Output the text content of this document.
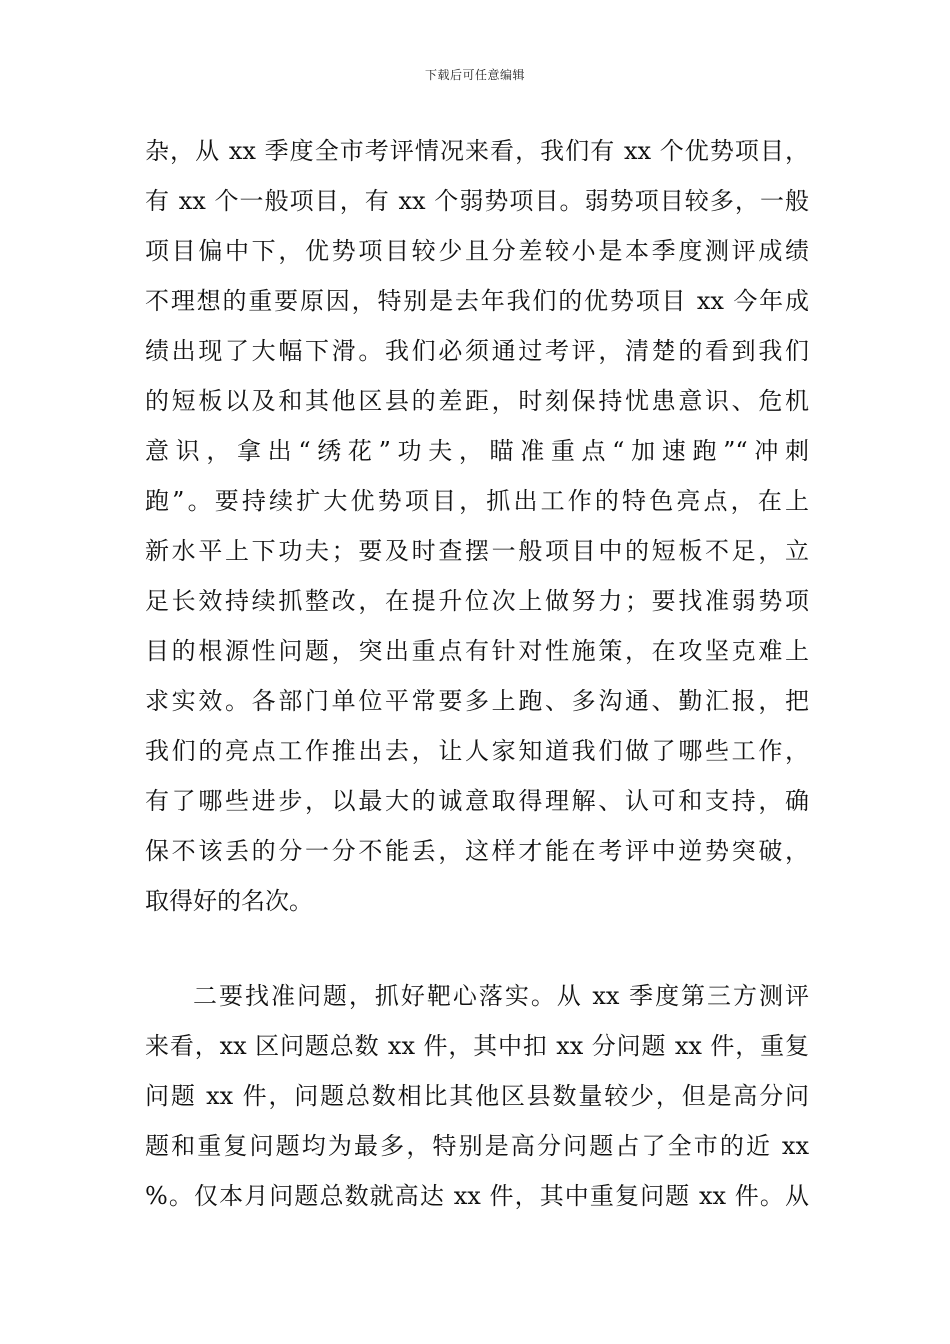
下载后可任意编辑
杂，从 xx 季度全市考评情况来看，我们有 xx 个优势项目，
有 xx 个一般项目，有 xx 个弱势项目。弱势项目较多，一般
项目偏中下，优势项目较少且分差较小是本季度测评成绩
不理想的重要原因，特别是去年我们的优势项目 xx 今年成
绩出现了大幅下滑。我们必须通过考评，清楚的看到我们
的短板以及和其他区县的差距，时刻保持忧患意识、危机
意识，拿出“绣花”功夫，瞄准重点“加速跑”“冲刺
跑”。要持续扩大优势项目，抓出工作的特色亮点，在上
新水平上下功夫；要及时查摆一般项目中的短板不足，立
足长效持续抓整改，在提升位次上做努力；要找准弱势项
目的根源性问题，突出重点有针对性施策，在攻坚克难上
求实效。各部门单位平常要多上跑、多沟通、勤汇报，把
我们的亮点工作推出去，让人家知道我们做了哪些工作，
有了哪些进步，以最大的诚意取得理解、认可和支持，确
保不该丢的分一分不能丢，这样才能在考评中逆势突破，
取得好的名次。
二要找准问题，抓好靶心落实。从 xx 季度第三方测评
来看，xx 区问题总数 xx 件，其中扣 xx 分问题 xx 件，重复
问题 xx 件，问题总数相比其他区县数量较少，但是高分问
题和重复问题均为最多，特别是高分问题占了全市的近 xx
%。仅本月问题总数就高达 xx 件，其中重复问题 xx 件。从
